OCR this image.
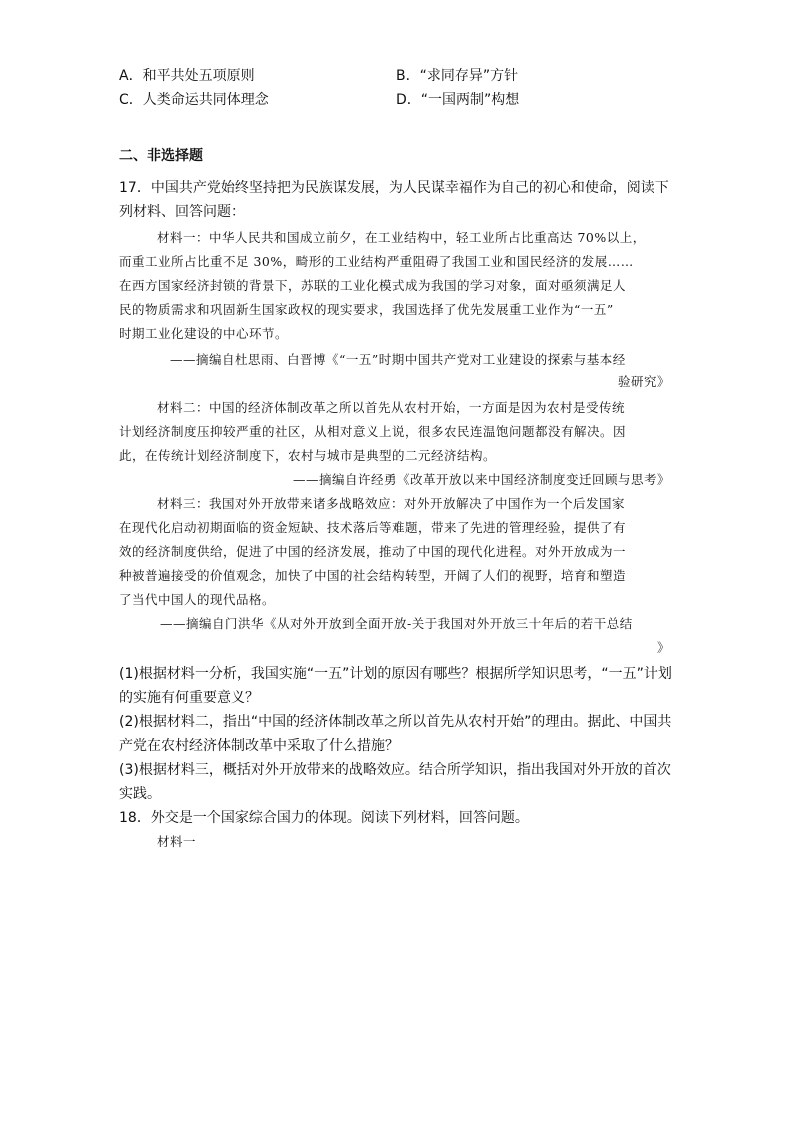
A．和平共处五项原则	B．“求同存异”方针
C．人类命运共同体理念	D．“一国两制”构想
二、非选择题
17．中国共产党始终坚持把为民族谋发展，为人民谋幸福作为自己的初心和使命，阅读下
列材料、回答问题：
材料一：中华人民共和国成立前夕，在工业结构中，轻工业所占比重高达 70%以上，
而重工业所占比重不足 30%，畸形的工业结构严重阻碍了我国工业和国民经济的发展……
在西方国家经济封锁的背景下，苏联的工业化模式成为我国的学习对象，面对亟须满足人
民的物质需求和巩固新生国家政权的现实要求，我国选择了优先发展重工业作为“一五”
时期工业化建设的中心环节。
——摘编自杜思雨、白晋博《“一五”时期中国共产党对工业建设的探索与基本经
验研究》
材料二：中国的经济体制改革之所以首先从农村开始，一方面是因为农村是受传统
计划经济制度压抑较严重的社区，从相对意义上说，很多农民连温饱问题都没有解决。因
此，在传统计划经济制度下，农村与城市是典型的二元经济结构。
——摘编自许经勇《改革开放以来中国经济制度变迁回顾与思考》
材料三：我国对外开放带来诸多战略效应：对外开放解决了中国作为一个后发国家
在现代化启动初期面临的资金短缺、技术落后等难题，带来了先进的管理经验，提供了有
效的经济制度供给，促进了中国的经济发展，推动了中国的现代化进程。对外开放成为一
种被普遍接受的价值观念，加快了中国的社会结构转型，开阔了人们的视野，培育和塑造
了当代中国人的现代品格。
——摘编自门洪华《从对外开放到全面开放-关于我国对外开放三十年后的若干总结
》
(1)根据材料一分析，我国实施“一五”计划的原因有哪些？根据所学知识思考，“一五”计划
的实施有何重要意义？
(2)根据材料二，指出“中国的经济体制改革之所以首先从农村开始”的理由。据此、中国共
产党在农村经济体制改革中采取了什么措施？
(3)根据材料三，概括对外开放带来的战略效应。结合所学知识，指出我国对外开放的首次
实践。
18．外交是一个国家综合国力的体现。阅读下列材料，回答问题。
材料一
